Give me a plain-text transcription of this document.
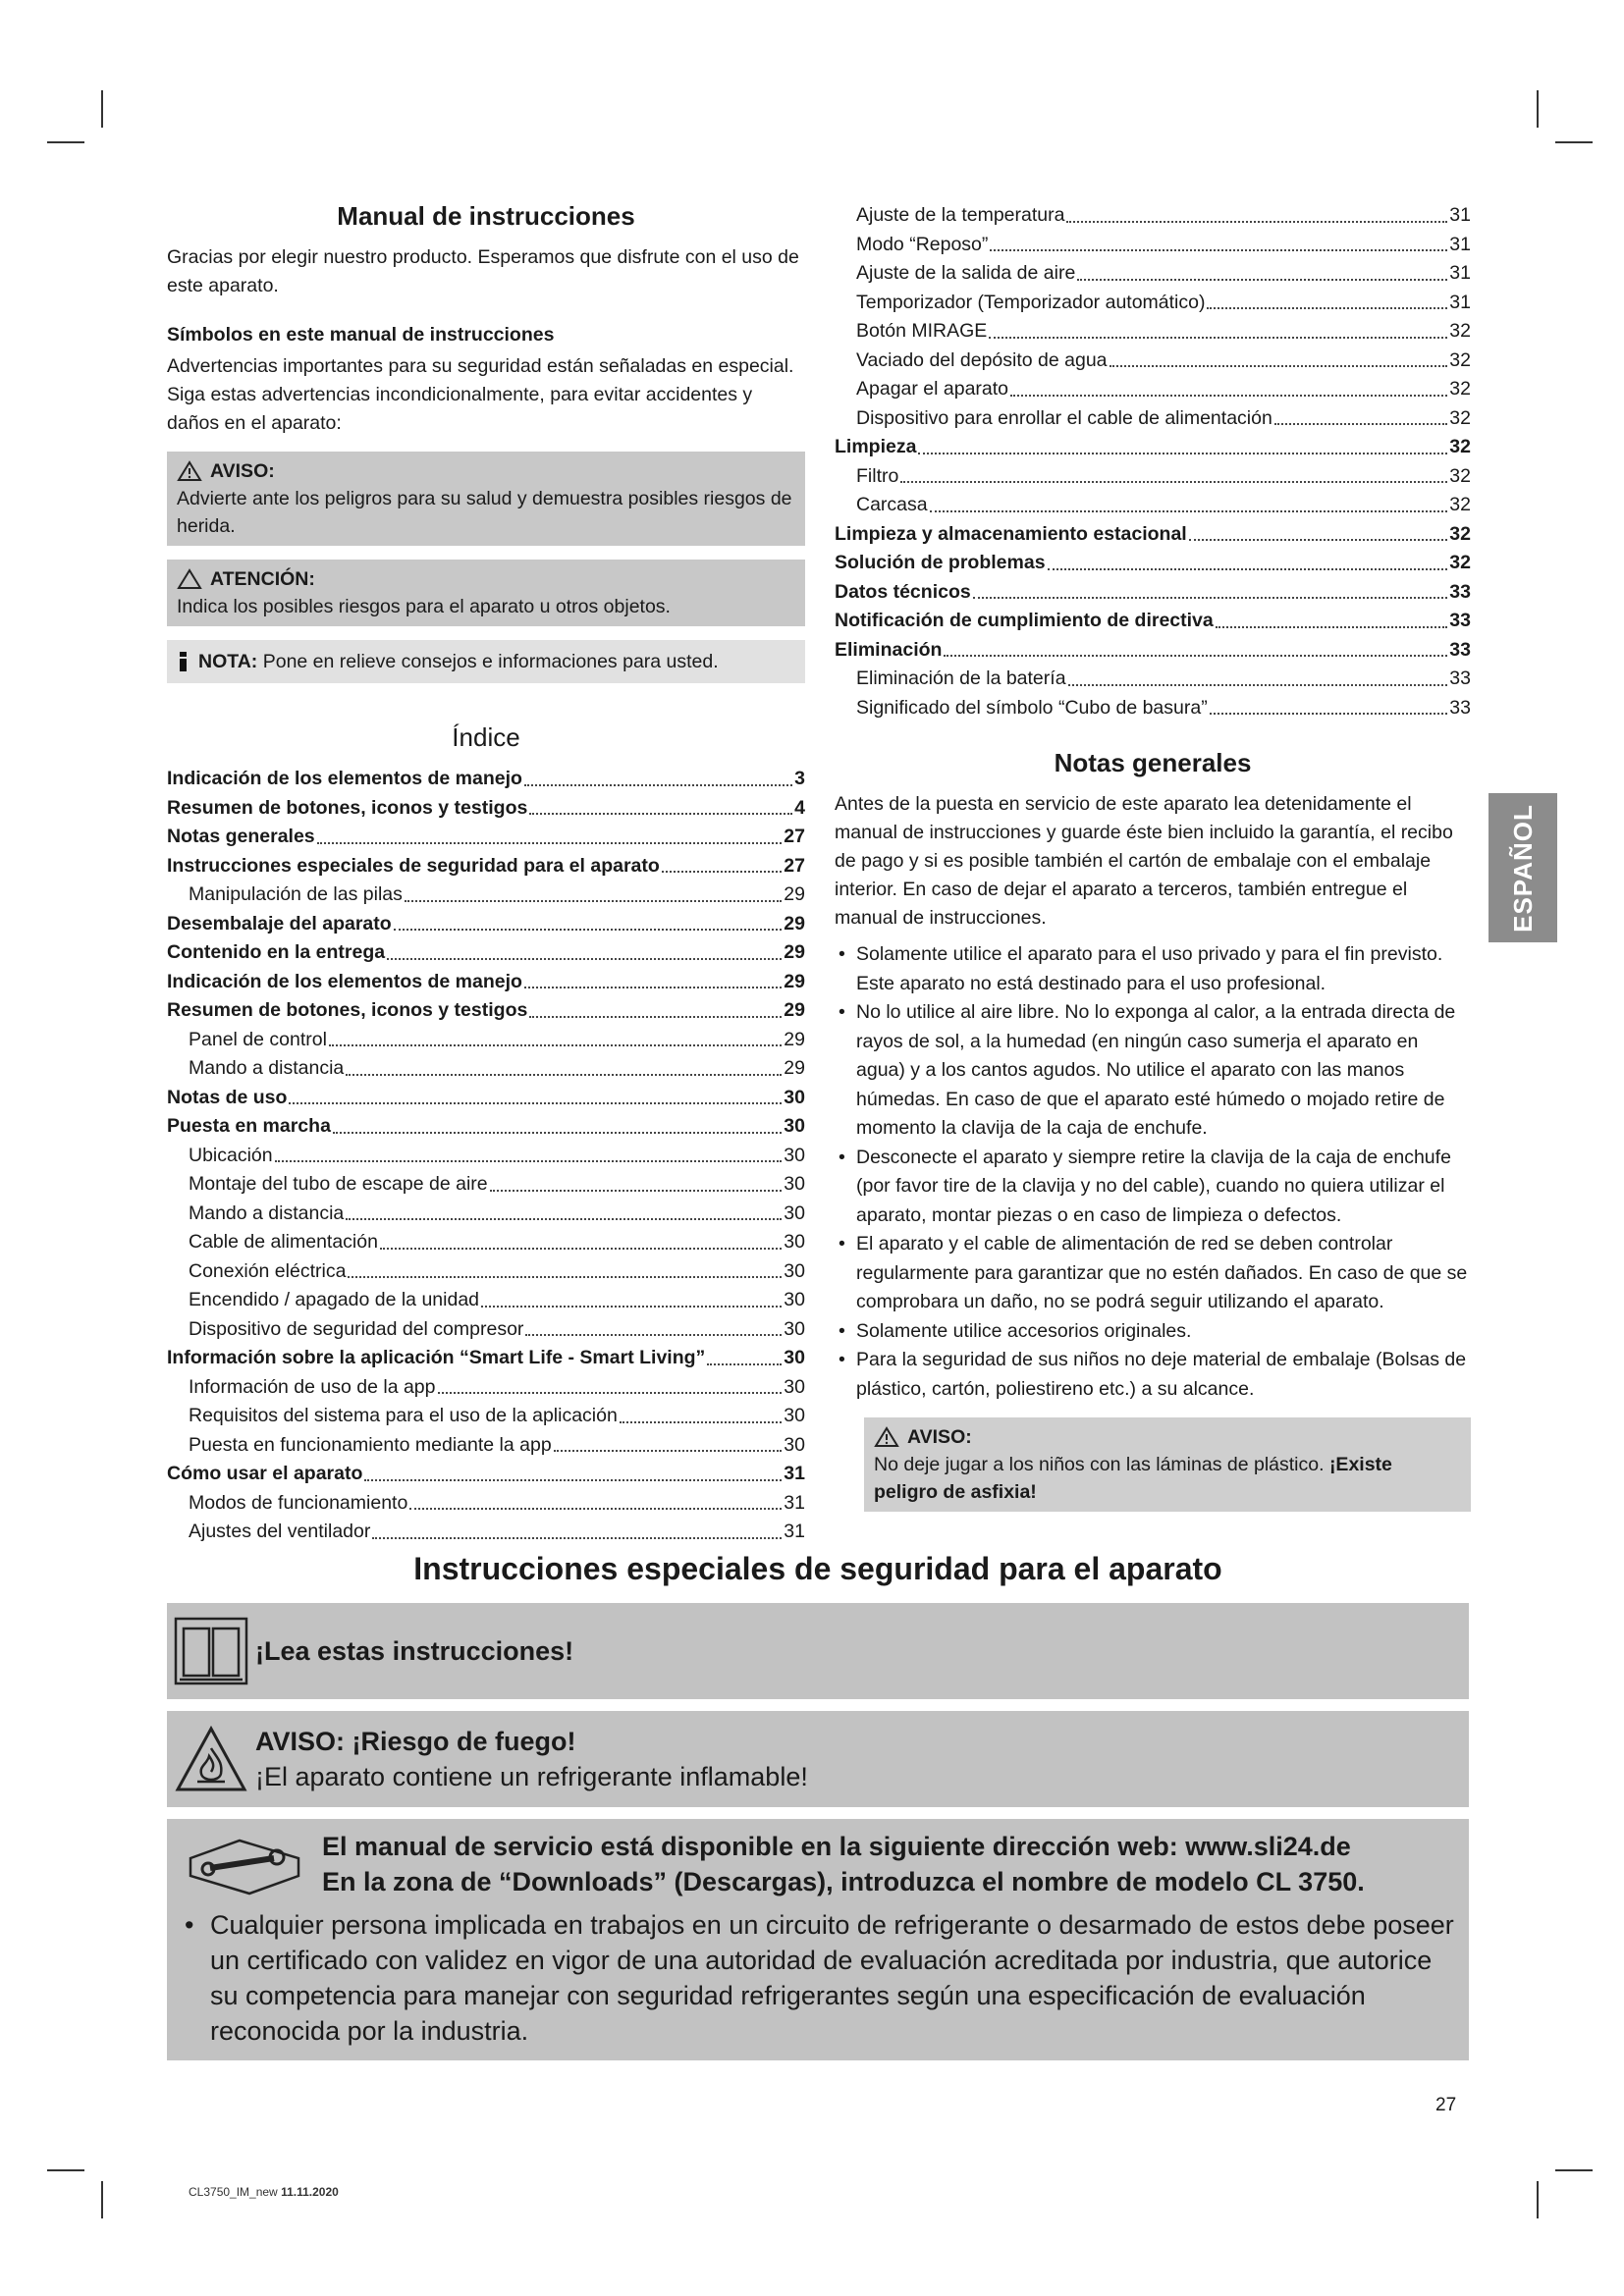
Manual de instrucciones

Gracias por elegir nuestro producto. Esperamos que disfrute con el uso de este aparato.

Símbolos en este manual de instrucciones

Advertencias importantes para su seguridad están señaladas en especial. Siga estas advertencias incondicionalmente, para evitar accidentes y daños en el aparato:

AVISO:
Advierte ante los peligros para su salud y demuestra posibles riesgos de herida.
ATENCIÓN:
Indica los posibles riesgos para el aparato u otros objetos.
NOTA: Pone en relieve consejos e informaciones para usted.
Índice
Indicación de los elementos de manejo	3
Resumen de botones, iconos y testigos	4
Notas generales	27
Instrucciones especiales de seguridad para el aparato	27
Manipulación de las pilas	29
Desembalaje del aparato	29
Contenido en la entrega	29
Indicación de los elementos de manejo	29
Resumen de botones, iconos y testigos	29
Panel de control	29
Mando a distancia	29
Notas de uso	30
Puesta en marcha	30
Ubicación	30
Montaje del tubo de escape de aire	30
Mando a distancia	30
Cable de alimentación	30
Conexión eléctrica	30
Encendido / apagado de la unidad	30
Dispositivo de seguridad del compresor	30
Información sobre la aplicación “Smart Life - Smart Living”	30
Información de uso de la app	30
Requisitos del sistema para el uso de la aplicación	30
Puesta en funcionamiento mediante la app	30
Cómo usar el aparato	31
Modos de funcionamiento	31
Ajustes del ventilador	31
Ajuste de la temperatura	31
Modo “Reposo”	31
Ajuste de la salida de aire	31
Temporizador (Temporizador automático)	31
Botón MIRAGE	32
Vaciado del depósito de agua	32
Apagar el aparato	32
Dispositivo para enrollar el cable de alimentación	32
Limpieza	32
Filtro	32
Carcasa	32
Limpieza y almacenamiento estacional	32
Solución de problemas	32
Datos técnicos	33
Notificación de cumplimiento de directiva	33
Eliminación	33
Eliminación de la batería	33
Significado del símbolo “Cubo de basura”	33
Notas generales

Antes de la puesta en servicio de este aparato lea detenidamente el manual de instrucciones y guarde éste bien incluido la garantía, el recibo de pago y si es posible también el cartón de embalaje con el embalaje interior. En caso de dejar el aparato a terceros, también entregue el manual de instrucciones.

• Solamente utilice el aparato para el uso privado y para el fin previsto. Este aparato no está destinado para el uso profesional.
• No lo utilice al aire libre. No lo exponga al calor, a la entrada directa de rayos de sol, a la humedad (en ningún caso sumerja el aparato en agua) y a los cantos agudos. No utilice el aparato con las manos húmedas. En caso de que el aparato esté húmedo o mojado retire de momento la clavija de la caja de enchufe.
• Desconecte el aparato y siempre retire la clavija de la caja de enchufe (por favor tire de la clavija y no del cable), cuando no quiera utilizar el aparato, montar piezas o en caso de limpieza o defectos.
• El aparato y el cable de alimentación de red se deben controlar regularmente para garantizar que no estén dañados. En caso de que se comprobara un daño, no se podrá seguir utilizando el aparato.
• Solamente utilice accesorios originales.
• Para la seguridad de sus niños no deje material de embalaje (Bolsas de plástico, cartón, poliestireno etc.) a su alcance.
AVISO:
No deje jugar a los niños con las láminas de plástico. ¡Existe peligro de asfixia!
ESPAÑOL
Instrucciones especiales de seguridad para el aparato
¡Lea estas instrucciones!
AVISO: ¡Riesgo de fuego!
¡El aparato contiene un refrigerante inflamable!
El manual de servicio está disponible en la siguiente dirección web: www.sli24.de
En la zona de “Downloads” (Descargas), introduzca el nombre de modelo CL 3750.
• Cualquier persona implicada en trabajos en un circuito de refrigerante o desarmado de estos debe poseer un certificado con validez en vigor de una autoridad de evaluación acreditada por industria, que autorice su competencia para manejar con seguridad refrigerantes según una especificación de evaluación reconocida por la industria.
27
CL3750_IM_new 11.11.2020
